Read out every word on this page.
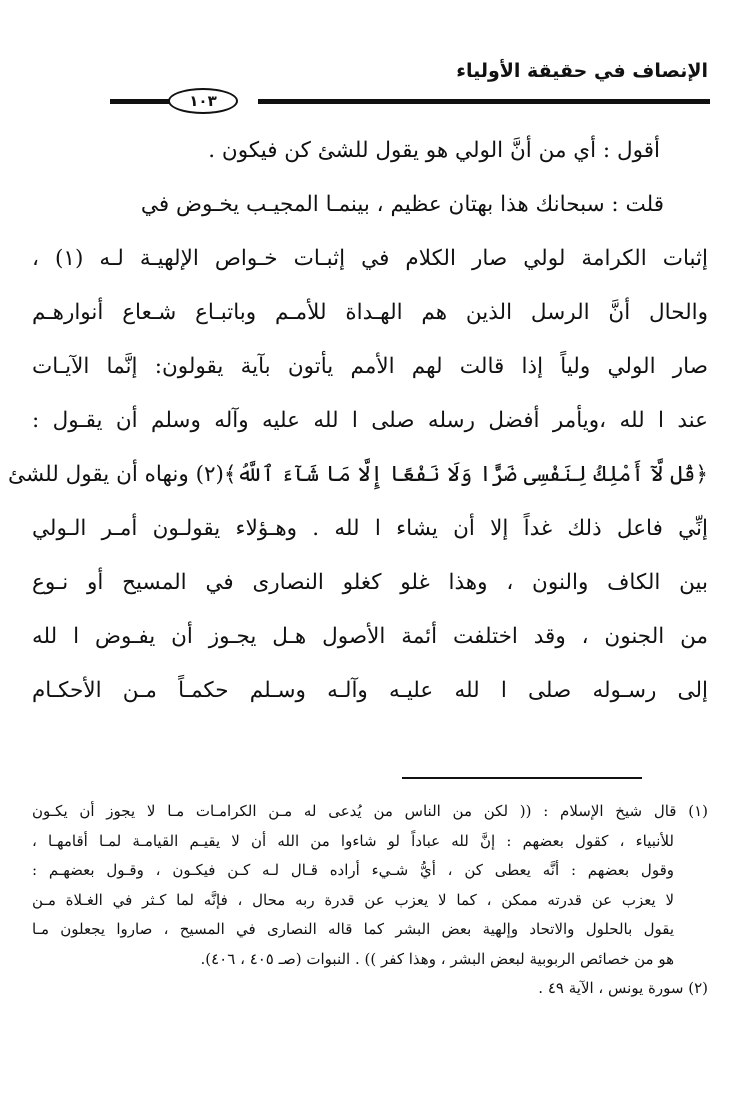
الإنصاف في حقيقة الأولياء
١٠٣
أقول : أي من أنَّ الولي هو يقول للشئ كن فيكون .
قلت : سبحانك هذا بهتان عظيم ، بينمـا المجيـب يخـوض في
إثبات الكرامة لولي صار الكلام في إثبـات خـواص الإلهيـة لـه (١) ،
والحال أنَّ الرسل الذين هم الهـداة للأمـم وباتبـاع شـعاع أنوارهـم
صار الولي ولياً إذا قالت لهم الأمم يأتون بآية يقولون: إنَّما الآيـات
عند ا لله ،ويأمر أفضل رسله صلى ا لله عليه وآله وسلم أن يقـول :
﴿قُل لَّآ أَمْلِكُ لِنَفْسِى ضَرًّا وَلَا نَفْعًا إِلَّا مَا شَآءَ ٱللَّهُ﴾(٢) ونهاه أن يقول للشئ
إنِّي فاعل ذلك غداً إلا أن يشاء ا لله . وهـؤلاء يقولـون أمـر الـولي
بين الكاف والنون ، وهذا غلو كغلو النصارى في المسيح أو نـوع
من الجنون ، وقد اختلفت أئمة الأصول هـل يجـوز أن يفـوض ا لله
إلى رسـوله صلى ا لله عليـه وآلـه وسـلم حكمـاً مـن الأحكـام
(١) قال شيخ الإسلام : (( لكن من الناس من يُدعى له مـن الكرامـات مـا لا يجوز أن يكـون
للأنبياء ، كقول بعضهم : إنَّ لله عباداً لو شاءوا من الله أن لا يقيـم القيامـة لمـا أقامهـا ،
وقول بعضهم : أنَّه يعطى كن ، أيُّ شـيء أراده قـال لـه كـن فيكـون ، وقـول بعضهـم :
لا يعزب عن قدرته ممكن ، كما لا يعزب عن قدرة ربه محال ، فإنَّه لما كـثر في الغـلاة مـن
يقول بالحلول والاتحاد وإلهية بعض البشر كما قاله النصارى في المسيح ، صاروا يجعلون مـا
هو من خصائص الربوبية لبعض البشر ، وهذا كفر )) . النبوات (صـ ٤٠٥ ، ٤٠٦).
(٢) سورة يونس ، الآية ٤٩ .
